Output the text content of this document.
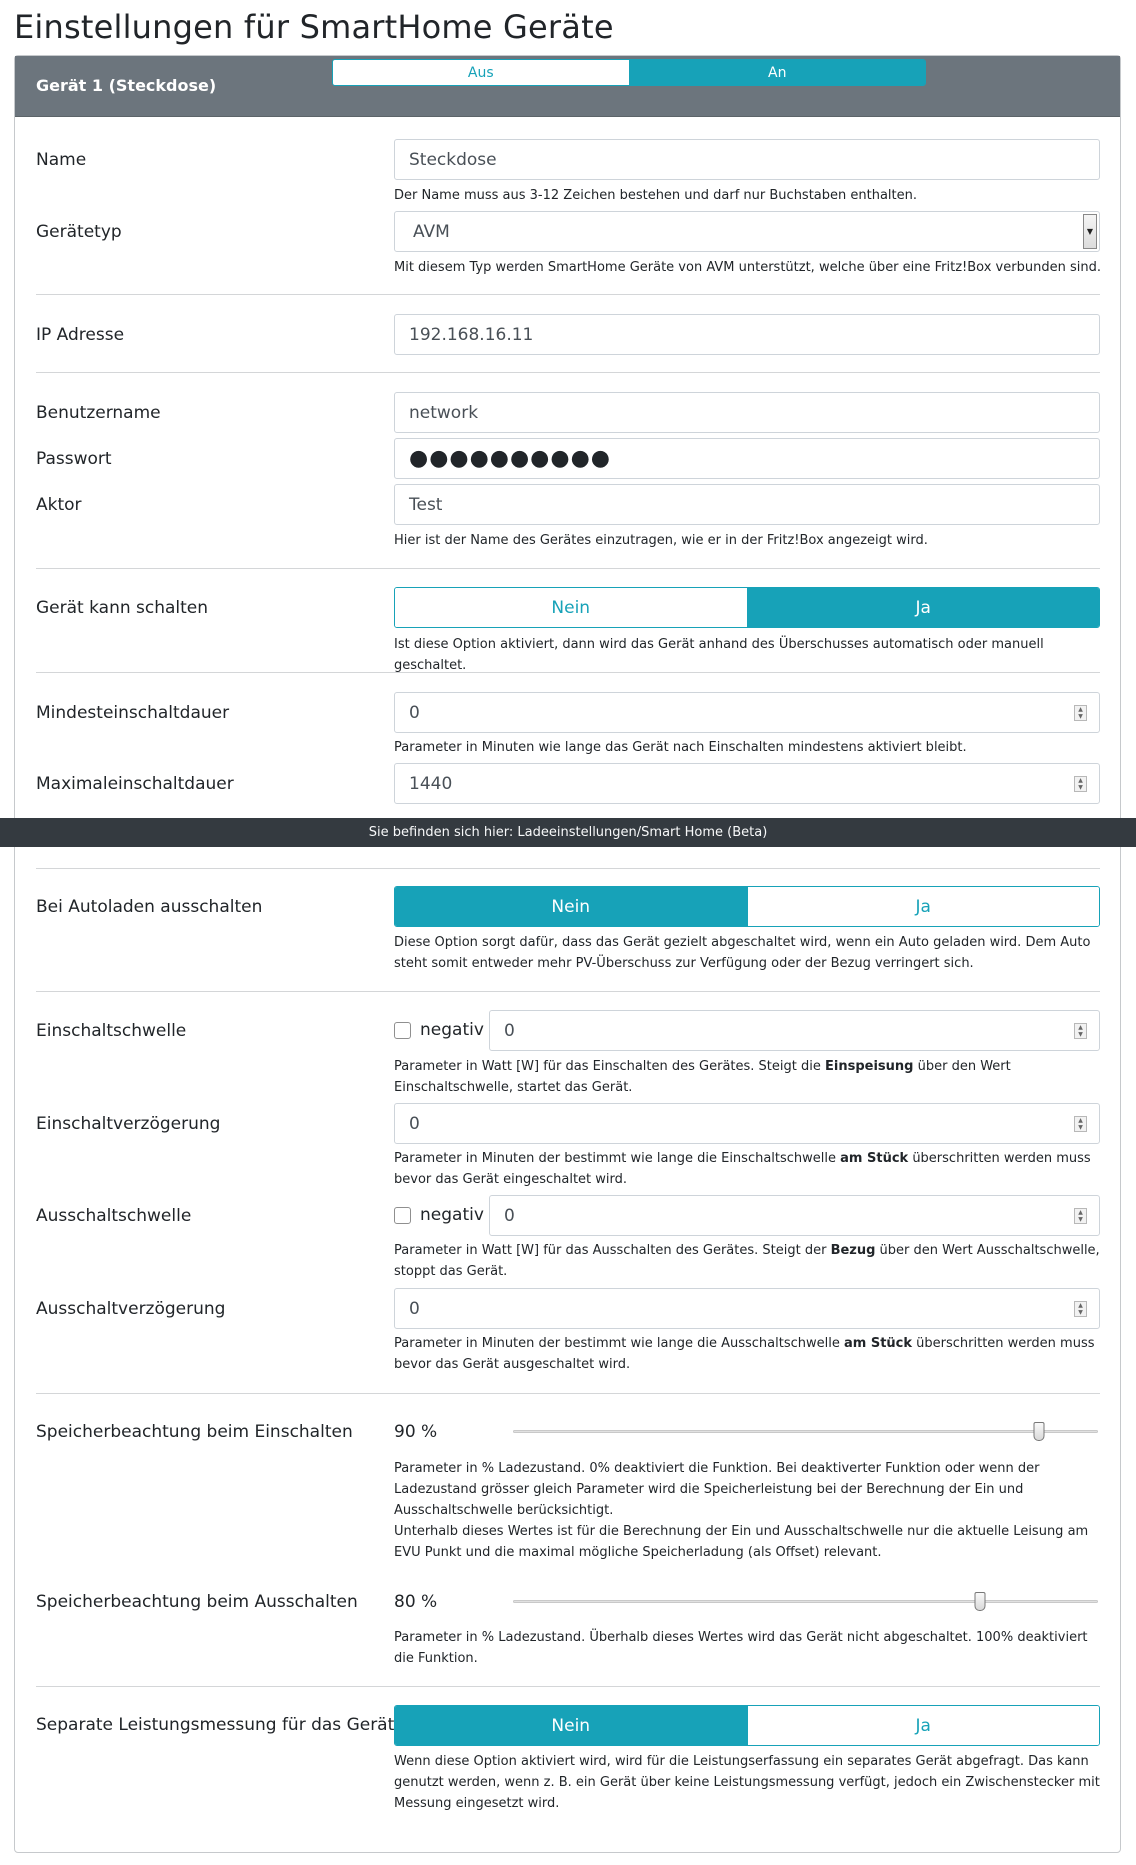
Einstellungen für SmartHome Geräte
Gerät 1 (Steckdose)
Aus	An
Name	Steckdose
Der Name muss aus 3-12 Zeichen bestehen und darf nur Buchstaben enthalten.
Gerätetyp	AVM	▼
Mit diesem Typ werden SmartHome Geräte von AVM unterstützt, welche über eine Fritz!Box verbunden sind.
IP Adresse	192.168.16.11
Benutzername	network
Passwort	●●●●●●●●●●
Aktor	Test
Hier ist der Name des Gerätes einzutragen, wie er in der Fritz!Box angezeigt wird.
Gerät kann schalten	Nein	Ja
Ist diese Option aktiviert, dann wird das Gerät anhand des Überschusses automatisch oder manuell geschaltet.
Mindesteinschaltdauer	0	▲
▼
Parameter in Minuten wie lange das Gerät nach Einschalten mindestens aktiviert bleibt.
Maximaleinschaltdauer	1440	▲
▼
Sie befinden sich hier: Ladeeinstellungen/Smart Home (Beta)
Bei Autoladen ausschalten	Nein	Ja
Diese Option sorgt dafür, dass das Gerät gezielt abgeschaltet wird, wenn ein Auto geladen wird. Dem Auto steht somit entweder mehr PV-Überschuss zur Verfügung oder der Bezug verringert sich.
Einschaltschwelle	negativ 0	▲
▼
Parameter in Watt [W] für das Einschalten des Gerätes. Steigt die Einspeisung über den Wert Einschaltschwelle, startet das Gerät.
Einschaltverzögerung	0	▲
▼
Parameter in Minuten der bestimmt wie lange die Einschaltschwelle am Stück überschritten werden muss bevor das Gerät eingeschaltet wird.
Ausschaltschwelle	negativ 0	▲
▼
Parameter in Watt [W] für das Ausschalten des Gerätes. Steigt der Bezug über den Wert Ausschaltschwelle, stoppt das Gerät.
Ausschaltverzögerung	0	▲
▼
Parameter in Minuten der bestimmt wie lange die Ausschaltschwelle am Stück überschritten werden muss bevor das Gerät ausgeschaltet wird.
Speicherbeachtung beim Einschalten 90 %
Parameter in % Ladezustand. 0% deaktiviert die Funktion. Bei deaktiverter Funktion oder wenn der Ladezustand grösser gleich Parameter wird die Speicherleistung bei der Berechnung der Ein und Ausschaltschwelle berücksichtigt.
Unterhalb dieses Wertes ist für die Berechnung der Ein und Ausschaltschwelle nur die aktuelle Leisung am EVU Punkt und die maximal mögliche Speicherladung (als Offset) relevant.
Speicherbeachtung beim Ausschalten 80 %
Parameter in % Ladezustand. Überhalb dieses Wertes wird das Gerät nicht abgeschaltet. 100% deaktiviert die Funktion.
Separate Leistungsmessung für das Gerät	Nein	Ja
Wenn diese Option aktiviert wird, wird für die Leistungserfassung ein separates Gerät abgefragt. Das kann genutzt werden, wenn z. B. ein Gerät über keine Leistungsmessung verfügt, jedoch ein Zwischenstecker mit Messung eingesetzt wird.
